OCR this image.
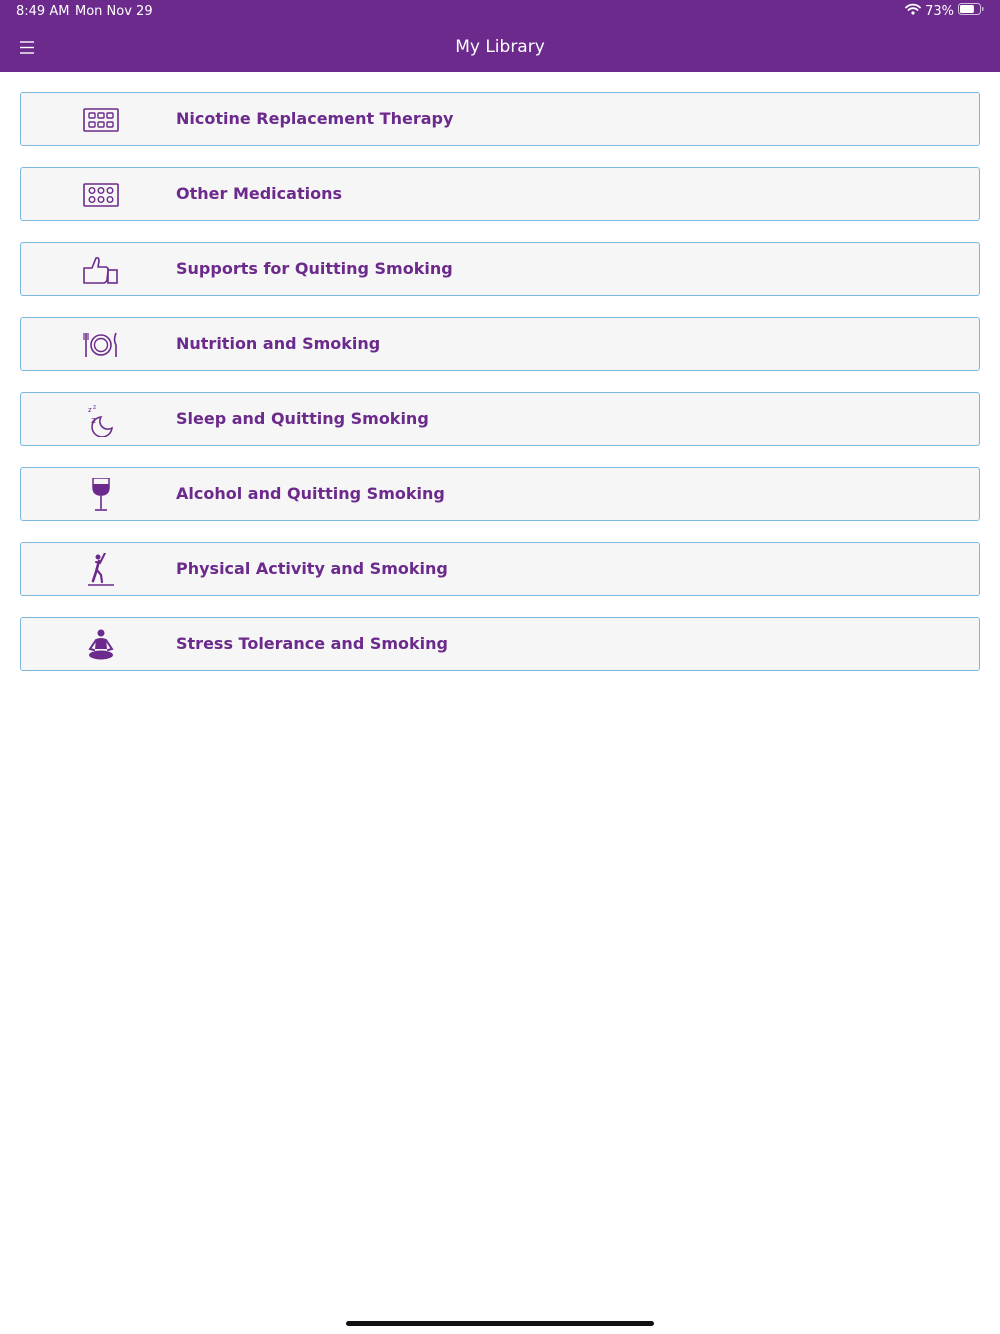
8:49 AM Mon Nov 29	73%
My Library
Nicotine Replacement Therapy
Other Medications
Supports for Quitting Smoking
Nutrition and Smoking
z z
z	Sleep and Quitting Smoking
Alcohol and Quitting Smoking
Physical Activity and Smoking
Stress Tolerance and Smoking
